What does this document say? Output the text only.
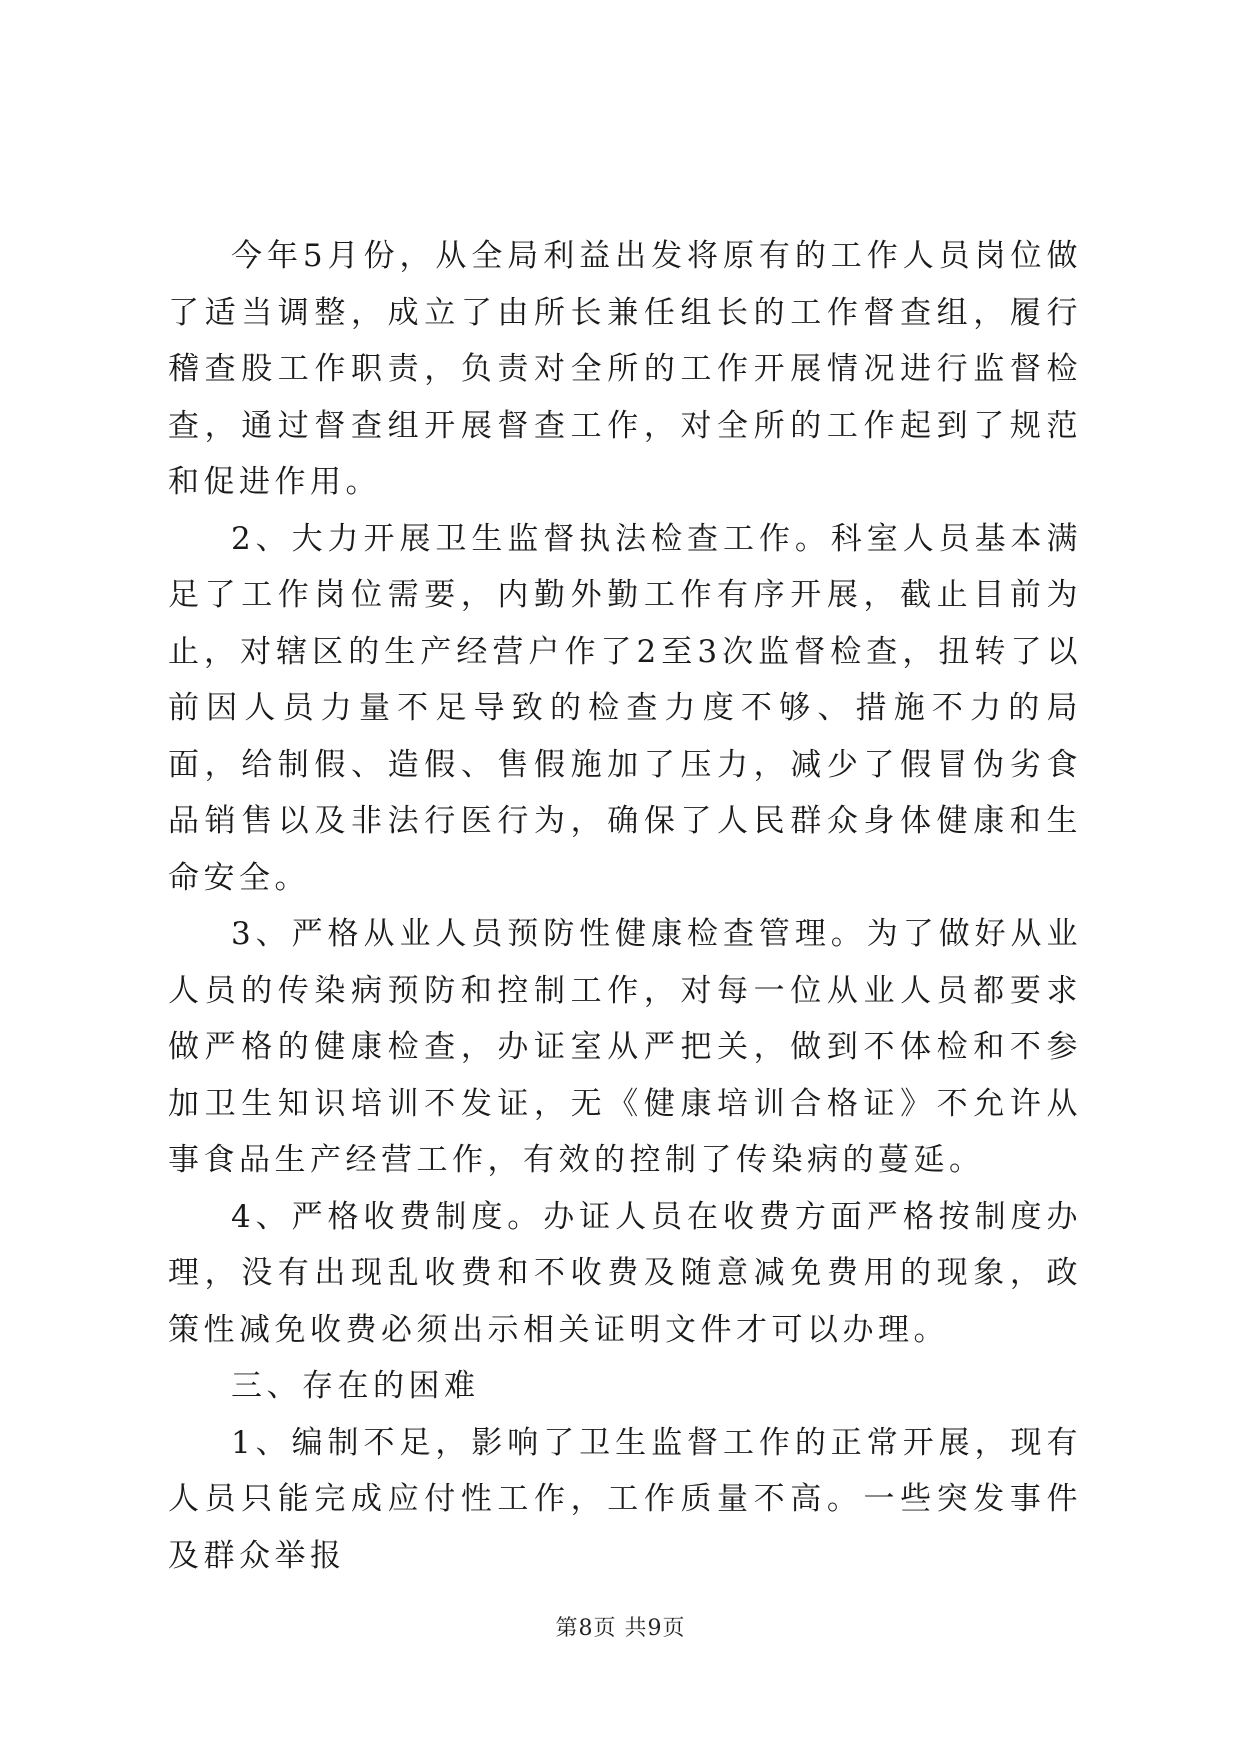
今年5月份，从全局利益出发将原有的工作人员岗位做了适当调整，成立了由所长兼任组长的工作督查组，履行稽查股工作职责，负责对全所的工作开展情况进行监督检查，通过督查组开展督查工作，对全所的工作起到了规范和促进作用。

2、大力开展卫生监督执法检查工作。科室人员基本满足了工作岗位需要，内勤外勤工作有序开展，截止目前为止，对辖区的生产经营户作了2至3次监督检查，扭转了以前因人员力量不足导致的检查力度不够、措施不力的局面，给制假、造假、售假施加了压力，减少了假冒伪劣食品销售以及非法行医行为，确保了人民群众身体健康和生命安全。

3、严格从业人员预防性健康检查管理。为了做好从业人员的传染病预防和控制工作，对每一位从业人员都要求做严格的健康检查，办证室从严把关，做到不体检和不参加卫生知识培训不发证，无《健康培训合格证》不允许从事食品生产经营工作，有效的控制了传染病的蔓延。

4、严格收费制度。办证人员在收费方面严格按制度办理，没有出现乱收费和不收费及随意减免费用的现象，政策性减免收费必须出示相关证明文件才可以办理。

三、存在的困难

1、编制不足，影响了卫生监督工作的正常开展，现有人员只能完成应付性工作，工作质量不高。一些突发事件及群众举报

第8页 共9页
